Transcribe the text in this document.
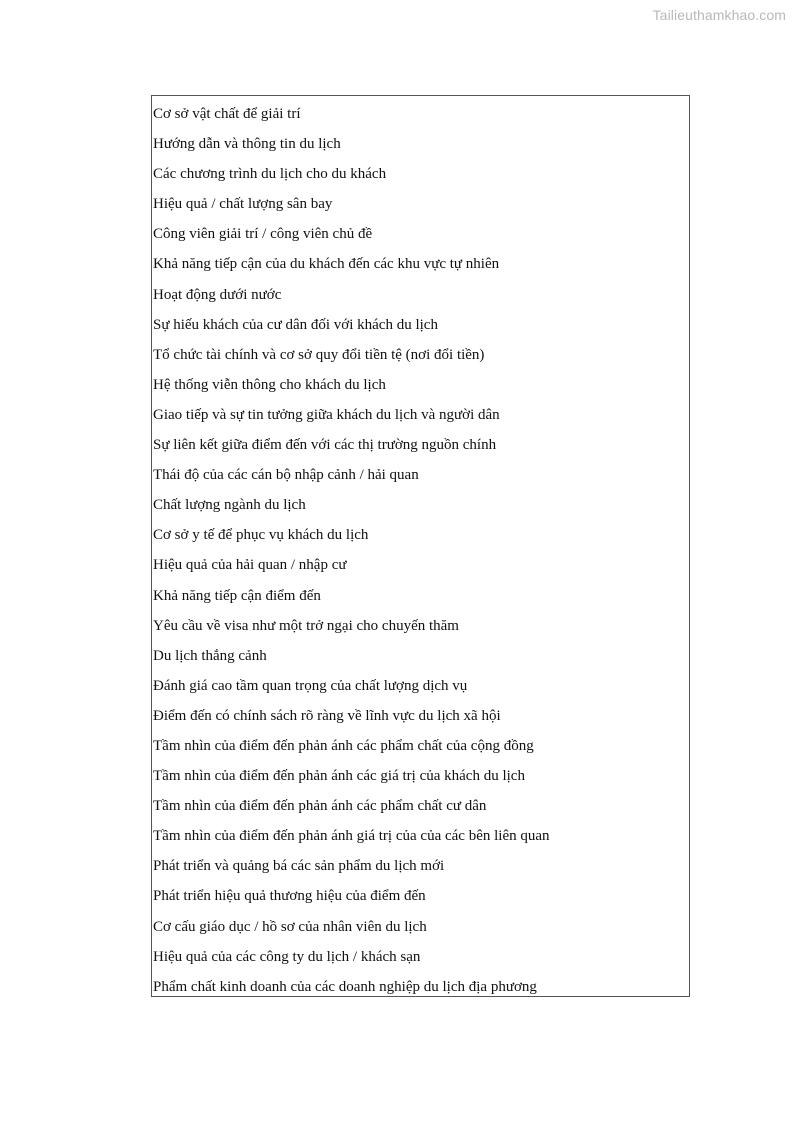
Tailieuthamkhao.com
Cơ sở vật chất để giải trí
Hướng dẫn và thông tin du lịch
Các chương trình du lịch cho du khách
Hiệu quả / chất lượng sân bay
Công viên giải trí / công viên chủ đề
Khả năng tiếp cận của du khách đến các khu vực tự nhiên
Hoạt động dưới nước
Sự hiếu khách của cư dân đối với khách du lịch
Tổ chức tài chính và cơ sở quy đổi tiền tệ (nơi đổi tiền)
Hệ thống viễn thông cho khách du lịch
Giao tiếp và sự tin tưởng giữa khách du lịch và người dân
Sự liên kết giữa điểm đến với các thị trường nguồn chính
Thái độ của các cán bộ nhập cảnh / hải quan
Chất lượng ngành du lịch
Cơ sở y tế để phục vụ khách du lịch
Hiệu quả của hải quan / nhập cư
Khả năng tiếp cận điểm đến
Yêu cầu về visa như một trở ngại cho chuyến thăm
Du lịch thắng cảnh
Đánh giá cao tầm quan trọng của chất lượng dịch vụ
Điểm đến có chính sách rõ ràng về lĩnh vực du lịch xã hội
Tầm nhìn của điểm đến phản ánh các phẩm chất của cộng đồng
Tầm nhìn của điểm đến phản ánh các giá trị của khách du lịch
Tầm nhìn của điểm đến phản ánh các phẩm chất cư dân
Tầm nhìn của điểm đến phản ánh giá trị của của các bên liên quan
Phát triển và quảng bá các sản phẩm du lịch mới
Phát triển hiệu quả thương hiệu của điểm đến
Cơ cấu giáo dục / hồ sơ của nhân viên du lịch
Hiệu quả của các công ty du lịch / khách sạn
Phẩm chất kinh doanh của các doanh nghiệp du lịch địa phương
